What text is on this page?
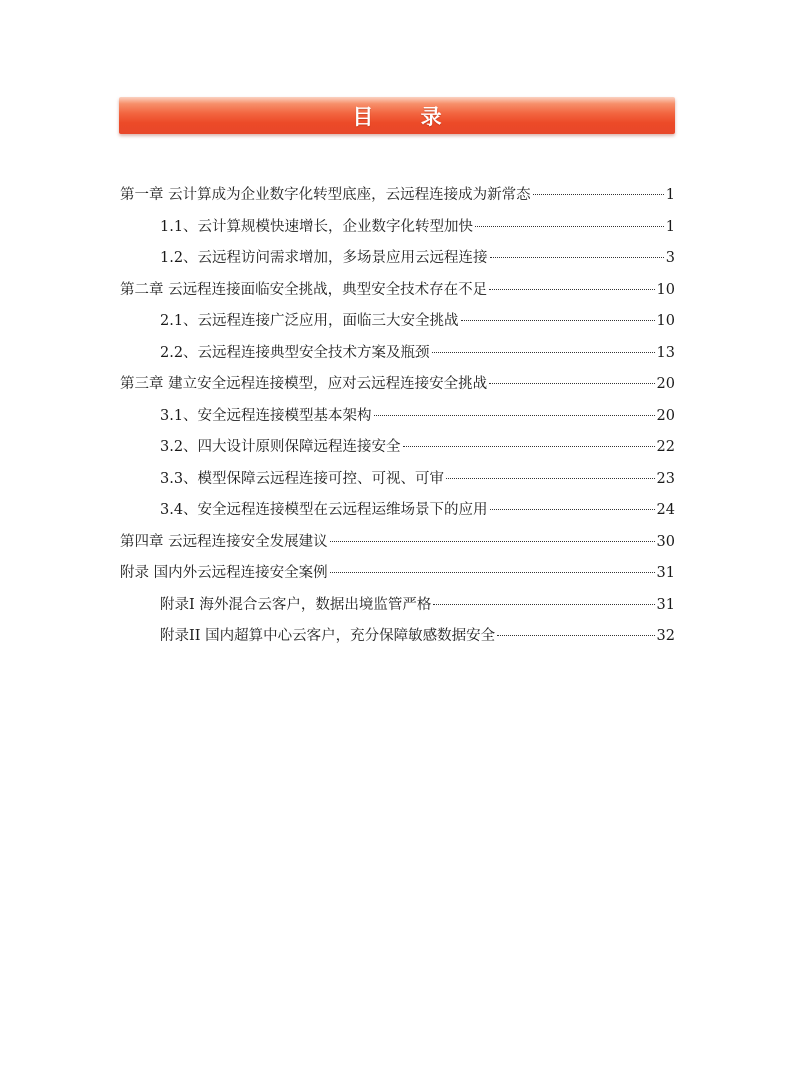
目 录
第一章 云计算成为企业数字化转型底座，云远程连接成为新常态	1
1.1、云计算规模快速增长，企业数字化转型加快	1
1.2、云远程访问需求增加，多场景应用云远程连接	3
第二章 云远程连接面临安全挑战，典型安全技术存在不足	10
2.1、云远程连接广泛应用，面临三大安全挑战	10
2.2、云远程连接典型安全技术方案及瓶颈	13
第三章 建立安全远程连接模型，应对云远程连接安全挑战	20
3.1、安全远程连接模型基本架构	20
3.2、四大设计原则保障远程连接安全	22
3.3、模型保障云远程连接可控、可视、可审	23
3.4、安全远程连接模型在云远程运维场景下的应用	24
第四章 云远程连接安全发展建议	30
附录 国内外云远程连接安全案例	31
附录I 海外混合云客户，数据出境监管严格	31
附录II 国内超算中心云客户，充分保障敏感数据安全	32
